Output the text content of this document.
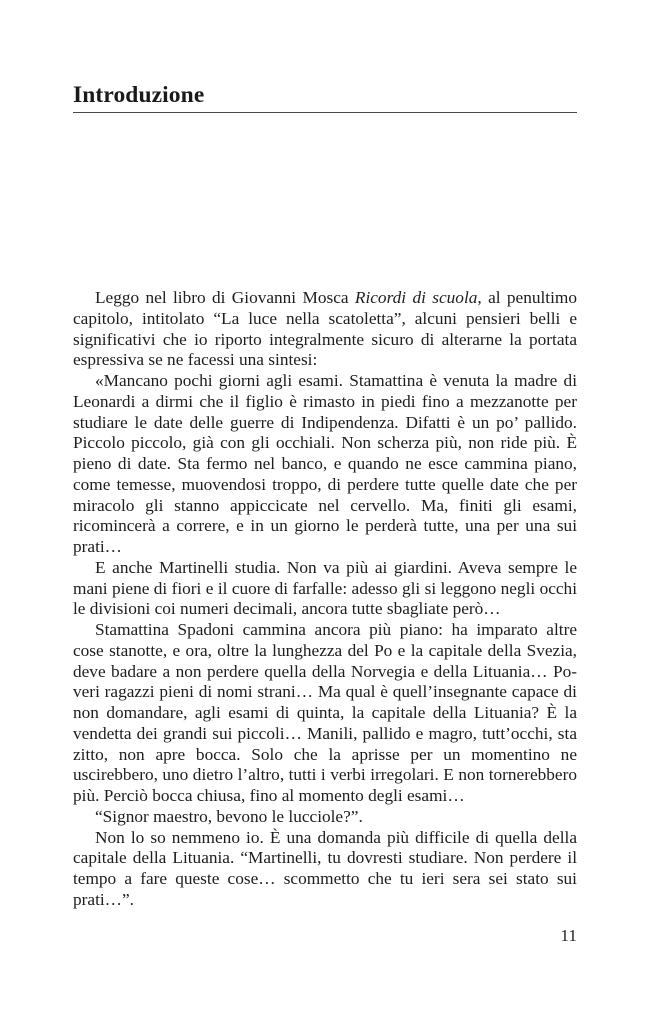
Introduzione

Leggo nel libro di Giovanni Mosca Ricordi di scuola, al penultimo capitolo, intitolato “La luce nella scatoletta”, alcuni pensieri belli e significativi che io riporto integralmente sicuro di alterarne la portata espressiva se ne facessi una sintesi:

«Mancano pochi giorni agli esami. Stamattina è venuta la madre di Leonardi a dirmi che il figlio è rimasto in piedi fino a mezzanotte per studiare le date delle guerre di Indipendenza. Difatti è un po’ pallido. Piccolo piccolo, già con gli occhiali. Non scherza più, non ride più. È pieno di date. Sta fermo nel banco, e quando ne esce cammina piano, come temesse, muovendosi troppo, di perdere tutte quelle date che per miracolo gli stanno appiccicate nel cervello. Ma, finiti gli esami, ricomincerà a correre, e in un giorno le perderà tutte, una per una sui prati…

E anche Martinelli studia. Non va più ai giardini. Aveva sempre le mani piene di fiori e il cuore di farfalle: adesso gli si leggono negli occhi le divisioni coi numeri decimali, ancora tutte sbagliate però…

Stamattina Spadoni cammina ancora più piano: ha imparato altre cose stanotte, e ora, oltre la lunghezza del Po e la capitale della Svezia, deve badare a non perdere quella della Norvegia e della Lituania… Poveri ragazzi pieni di nomi strani… Ma qual è quell’insegnante capace di non domandare, agli esami di quinta, la capitale della Lituania? È la vendetta dei grandi sui piccoli… Manili, pallido e magro, tutt’occhi, sta zitto, non apre bocca. Solo che la aprisse per un momentino ne uscirebbero, uno dietro l’altro, tutti i verbi irregolari. E non tornerebbero più. Perciò bocca chiusa, fino al momento degli esami…

“Signor maestro, bevono le lucciole?”.

Non lo so nemmeno io. È una domanda più difficile di quella della capitale della Lituania. “Martinelli, tu dovresti studiare. Non perdere il tempo a fare queste cose… scommetto che tu ieri sera sei stato sui prati…”.

11
